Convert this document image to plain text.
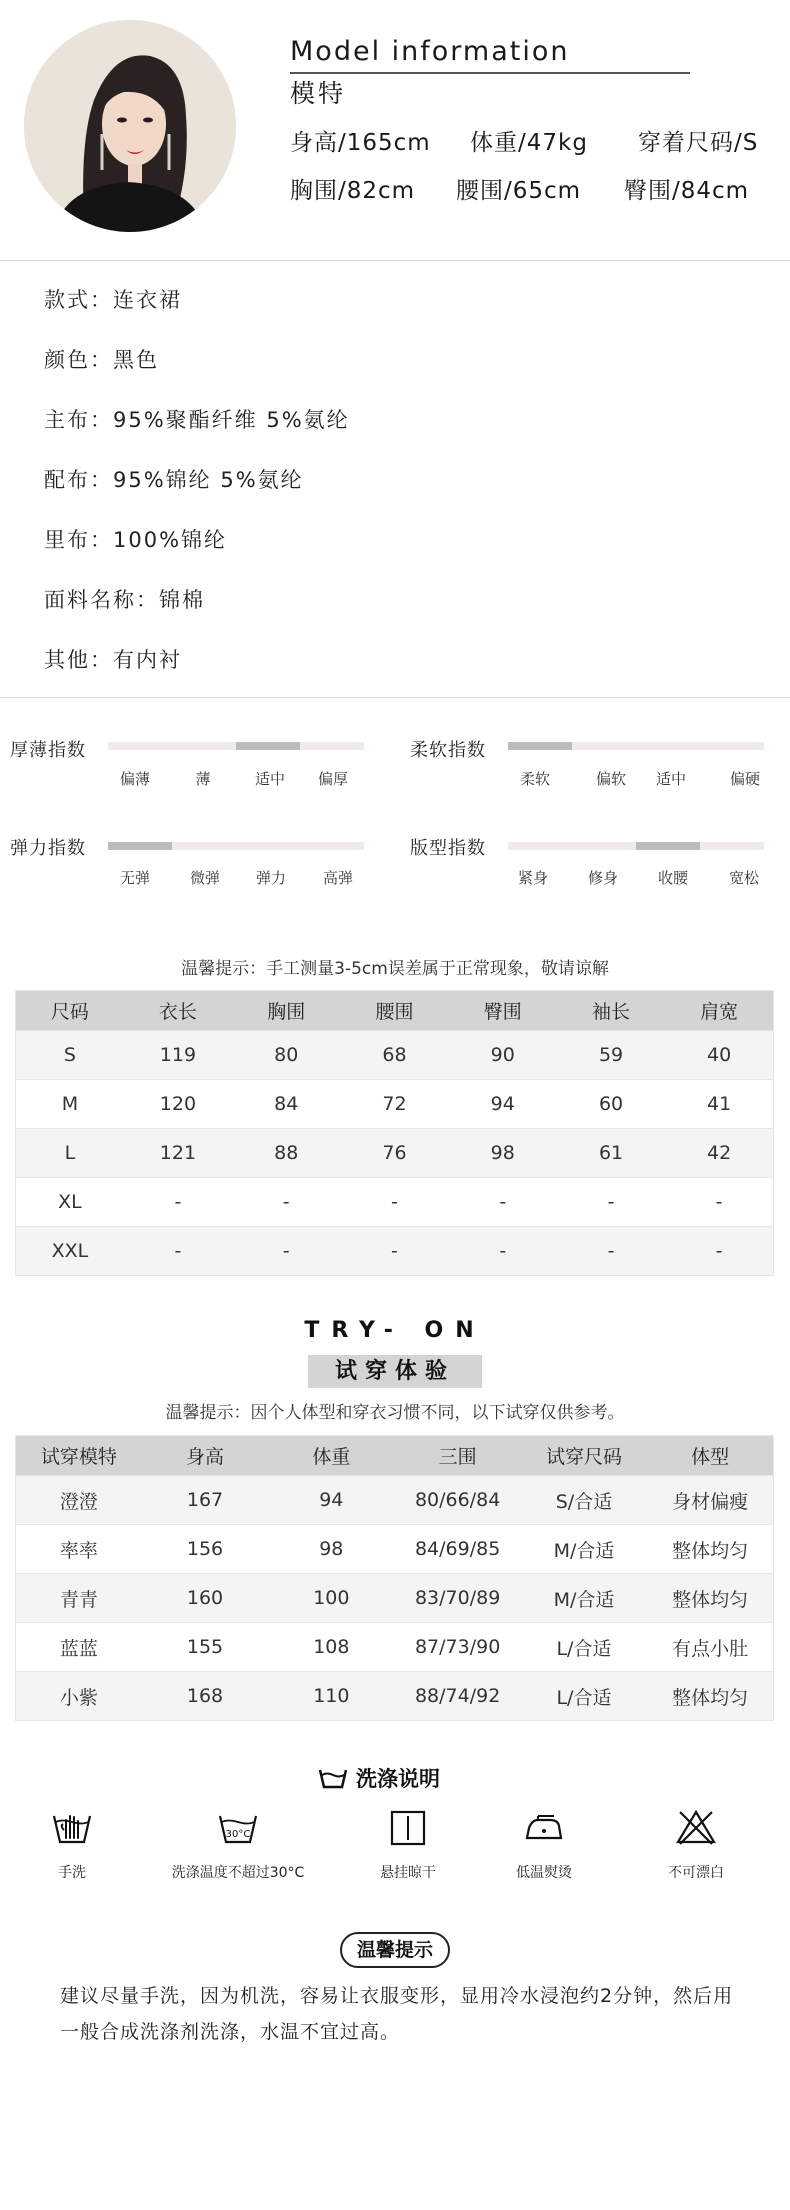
Model information
模特
身高/165cm 体重/47kg 穿着尺码/S
胸围/82cm 腰围/65cm 臀围/84cm
款式：连衣裙
颜色：黑色
主布：95%聚酯纤维 5%氨纶
配布：95%锦纶 5%氨纶
里布：100%锦纶
面料名称：锦棉
其他：有内衬
厚薄指数
偏薄	薄	适中 偏厚
柔软指数
柔软	偏软 适中	偏硬
弹力指数
无弹	微弹 弹力 高弹
版型指数
紧身	修身	收腰	宽松
温馨提示：手工测量3-5cm误差属于正常现象，敬请谅解
尺码	衣长	胸围	腰围	臀围	袖长	肩宽
S	119	80	68	90	59	40
M	120	84	72	94	60	41
L	121	88	76	98	61	42
XL	-	-	-	-	-	-
XXL	-	-	-	-	-	-
TRY- ON
试穿体验
温馨提示：因个人体型和穿衣习惯不同，以下试穿仅供参考。
试穿模特	身高	体重	三围	试穿尺码	体型
澄澄	167	94	80/66/84	S/合适	身材偏瘦
率率	156	98	84/69/85	M/合适	整体均匀
青青	160	100	83/70/89	M/合适	整体均匀
蓝蓝	155	108	87/73/90	L/合适	有点小肚
小紫	168	110	88/74/92	L/合适	整体均匀
洗涤说明
手洗
30°C
洗涤温度不超过30°C	悬挂晾干	低温熨烫	不可漂白
温馨提示
建议尽量手洗，因为机洗，容易让衣服变形，显用冷水浸泡约2分钟，然后用一般合成洗涤剂洗涤，水温不宜过高。
